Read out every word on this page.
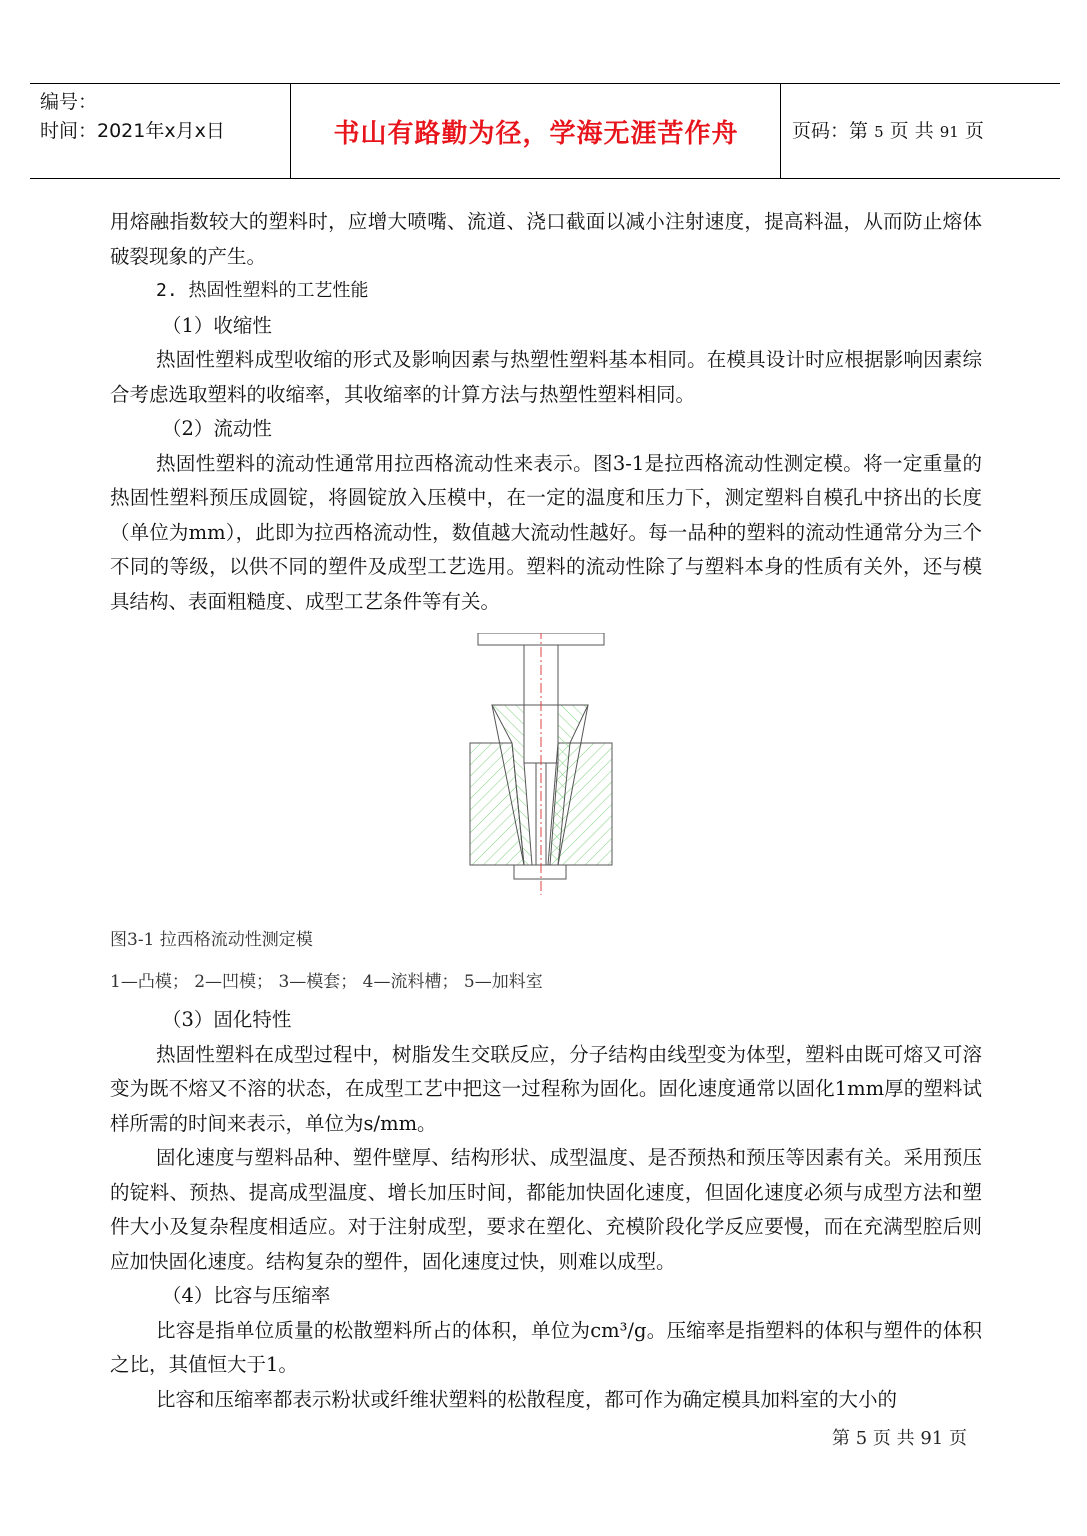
编号：
时间：2021年x月x日	书山有路勤为径，学海无涯苦作舟	页码：第 5 页 共 91 页

用熔融指数较大的塑料时，应增大喷嘴、流道、浇口截面以减小注射速度，提高料温，从而防止熔体破裂现象的产生。

2. 热固性塑料的工艺性能

（1）收缩性

热固性塑料成型收缩的形式及影响因素与热塑性塑料基本相同。在模具设计时应根据影响因素综合考虑选取塑料的收缩率，其收缩率的计算方法与热塑性塑料相同。

（2）流动性

热固性塑料的流动性通常用拉西格流动性来表示。图3-1是拉西格流动性测定模。将一定重量的热固性塑料预压成圆锭，将圆锭放入压模中，在一定的温度和压力下，测定塑料自模孔中挤出的长度（单位为mm），此即为拉西格流动性，数值越大流动性越好。每一品种的塑料的流动性通常分为三个不同的等级，以供不同的塑件及成型工艺选用。塑料的流动性除了与塑料本身的性质有关外，还与模具结构、表面粗糙度、成型工艺条件等有关。

图3-1 拉西格流动性测定模

1—凸模； 2—凹模； 3—模套； 4—流料槽； 5—加料室

（3）固化特性

热固性塑料在成型过程中，树脂发生交联反应，分子结构由线型变为体型，塑料由既可熔又可溶变为既不熔又不溶的状态，在成型工艺中把这一过程称为固化。固化速度通常以固化1mm厚的塑料试样所需的时间来表示，单位为s/mm。

固化速度与塑料品种、塑件壁厚、结构形状、成型温度、是否预热和预压等因素有关。采用预压的锭料、预热、提高成型温度、增长加压时间，都能加快固化速度，但固化速度必须与成型方法和塑件大小及复杂程度相适应。对于注射成型，要求在塑化、充模阶段化学反应要慢，而在充满型腔后则应加快固化速度。结构复杂的塑件，固化速度过快，则难以成型。

（4）比容与压缩率

比容是指单位质量的松散塑料所占的体积，单位为cm³/g。压缩率是指塑料的体积与塑件的体积之比，其值恒大于1。

比容和压缩率都表示粉状或纤维状塑料的松散程度，都可作为确定模具加料室的大小的

第 5 页 共 91 页
